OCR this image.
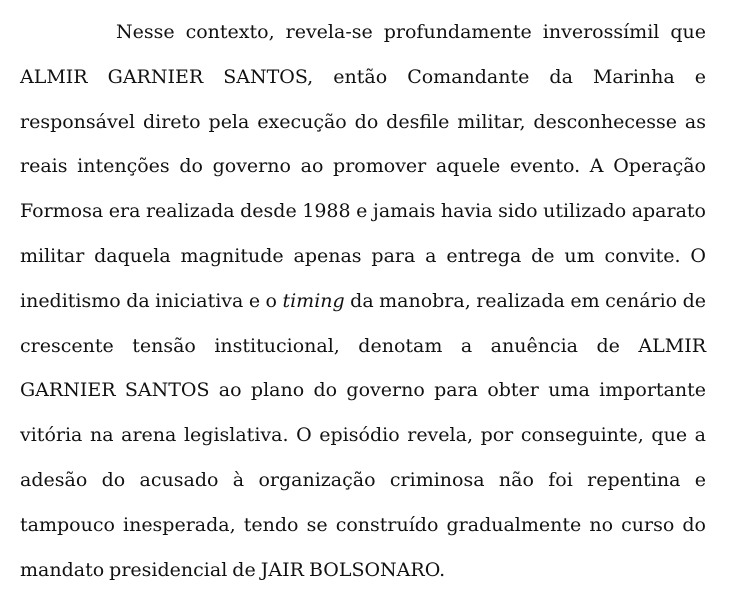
Nesse contexto, revela-se profundamente inverossímil que ALMIR GARNIER SANTOS, então Comandante da Marinha e responsável direto pela execução do desfile militar, desconhecesse as reais intenções do governo ao promover aquele evento. A Operação Formosa era realizada desde 1988 e jamais havia sido utilizado aparato militar daquela magnitude apenas para a entrega de um convite. O ineditismo da iniciativa e o timing da manobra, realizada em cenário de crescente tensão institucional, denotam a anuência de ALMIR GARNIER SANTOS ao plano do governo para obter uma importante vitória na arena legislativa. O episódio revela, por conseguinte, que a adesão do acusado à organização criminosa não foi repentina e tampouco inesperada, tendo se construído gradualmente no curso do mandato presidencial de JAIR BOLSONARO.
